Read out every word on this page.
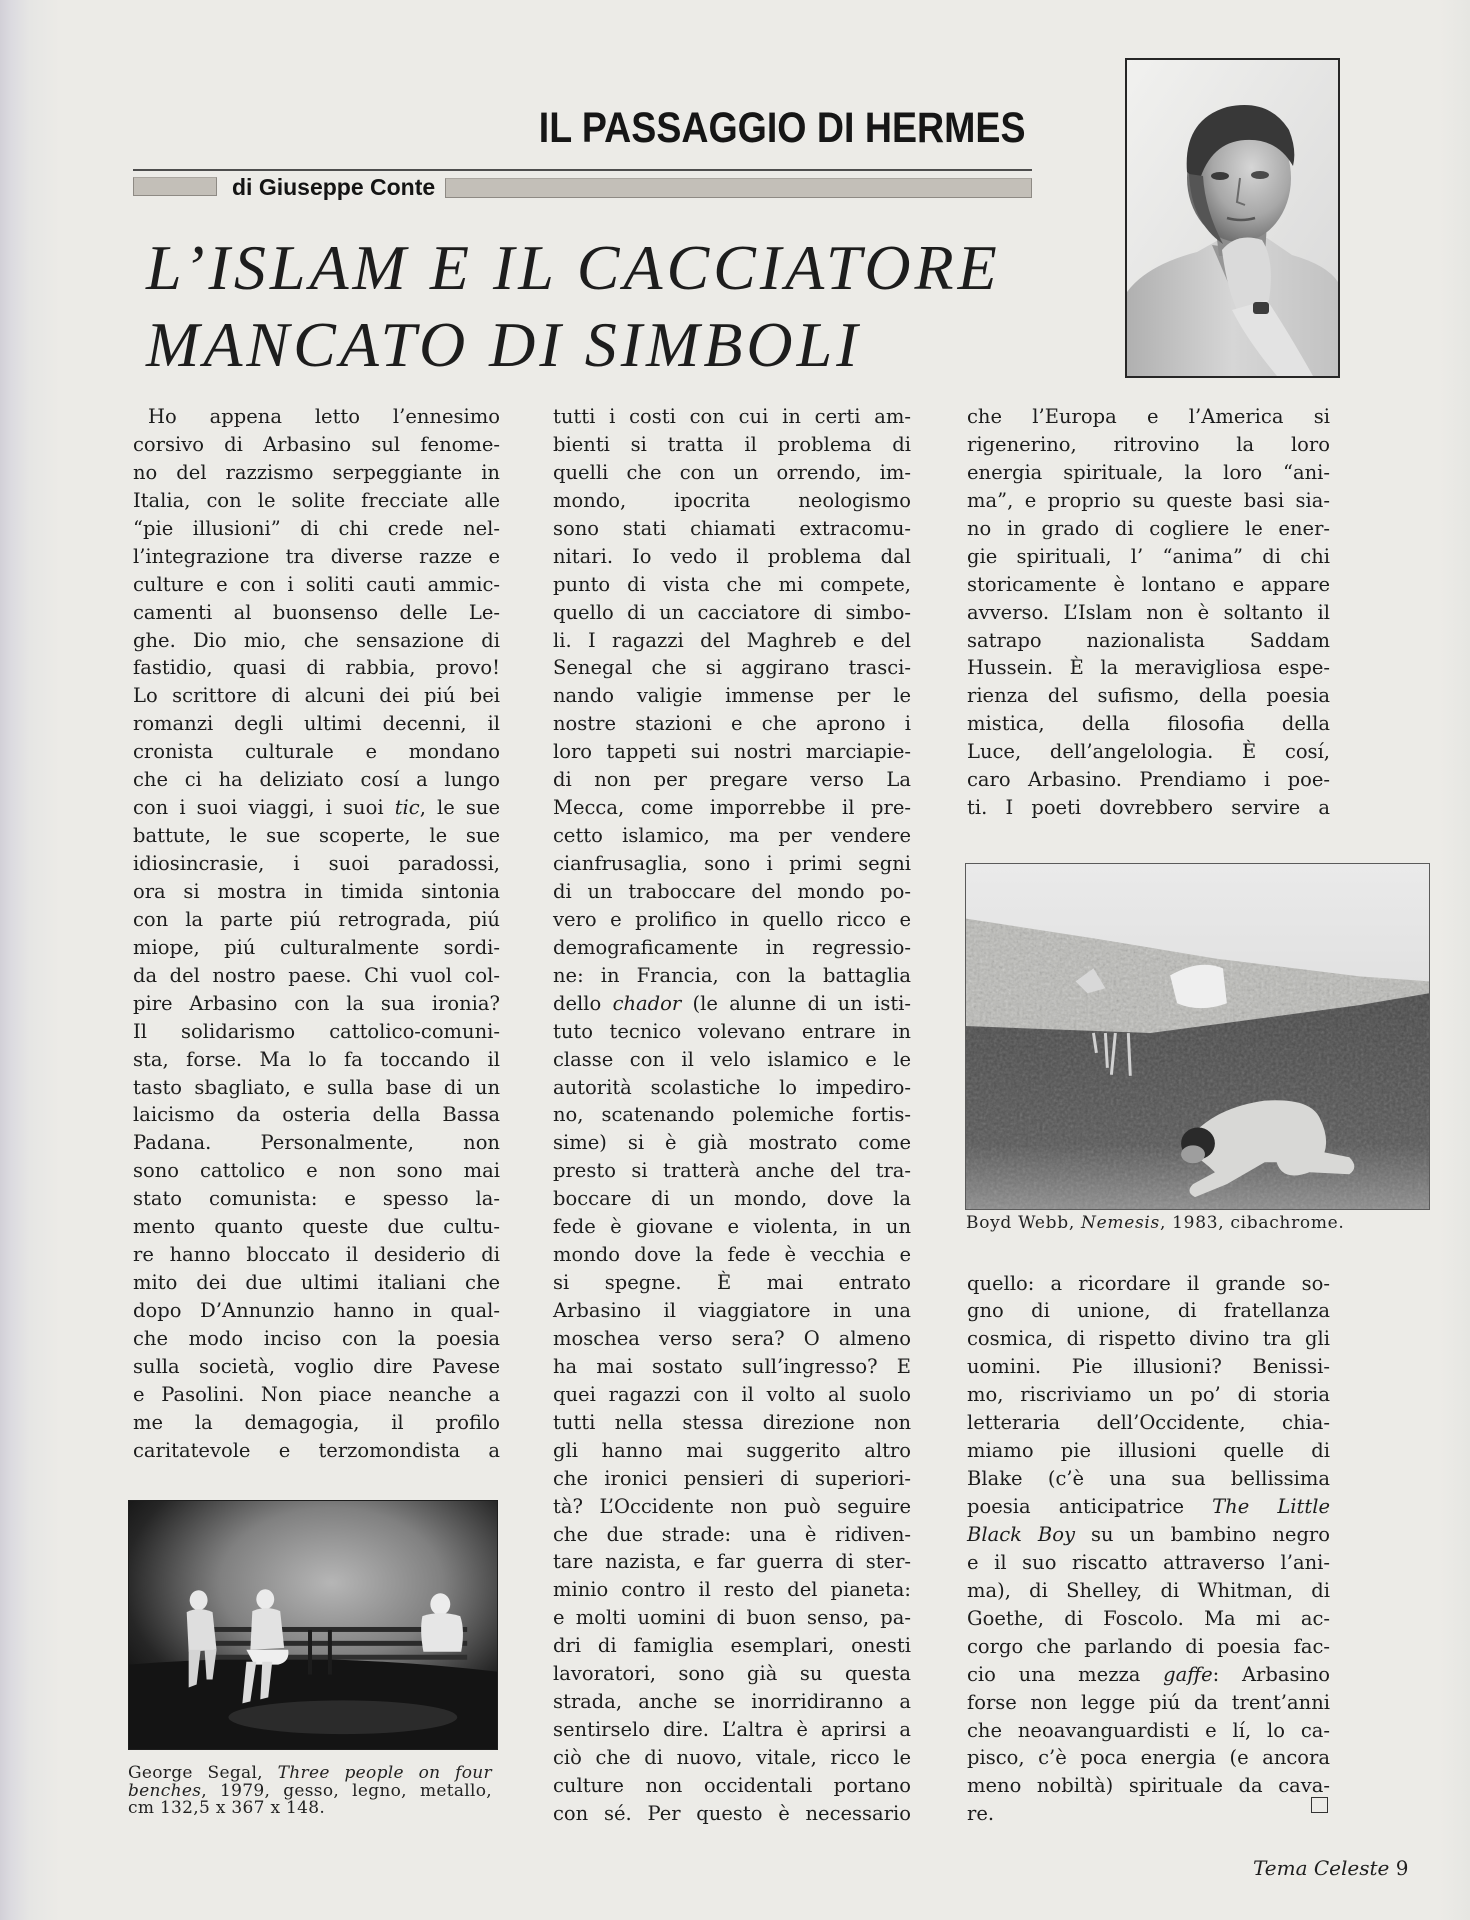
IL PASSAGGIO DI HERMES
di Giuseppe Conte
L’ISLAM E IL CACCIATORE
MANCATO DI SIMBOLI
Ho appena letto l’ennesimo
corsivo di Arbasino sul fenome-
no del razzismo serpeggiante in
Italia, con le solite frecciate alle
“pie illusioni” di chi crede nel-
l’integrazione tra diverse razze e
culture e con i soliti cauti ammic-
camenti al buonsenso delle Le-
ghe. Dio mio, che sensazione di
fastidio, quasi di rabbia, provo!
Lo scrittore di alcuni dei piú bei
romanzi degli ultimi decenni, il
cronista culturale e mondano
che ci ha deliziato cosí a lungo
con i suoi viaggi, i suoi tic, le sue
battute, le sue scoperte, le sue
idiosincrasie, i suoi paradossi,
ora si mostra in timida sintonia
con la parte piú retrograda, piú
miope, piú culturalmente sordi-
da del nostro paese. Chi vuol col-
pire Arbasino con la sua ironia?
Il solidarismo cattolico-comuni-
sta, forse. Ma lo fa toccando il
tasto sbagliato, e sulla base di un
laicismo da osteria della Bassa
Padana. Personalmente, non
sono cattolico e non sono mai
stato comunista: e spesso la-
mento quanto queste due cultu-
re hanno bloccato il desiderio di
mito dei due ultimi italiani che
dopo D’Annunzio hanno in qual-
che modo inciso con la poesia
sulla società, voglio dire Pavese
e Pasolini. Non piace neanche a
me la demagogia, il profilo
caritatevole e terzomondista a
George Segal, Three people on four
benches, 1979, gesso, legno, metallo,
cm 132,5 x 367 x 148.
tutti i costi con cui in certi am-
bienti si tratta il problema di
quelli che con un orrendo, im-
mondo, ipocrita neologismo
sono stati chiamati extracomu-
nitari. Io vedo il problema dal
punto di vista che mi compete,
quello di un cacciatore di simbo-
li. I ragazzi del Maghreb e del
Senegal che si aggirano trasci-
nando valigie immense per le
nostre stazioni e che aprono i
loro tappeti sui nostri marciapie-
di non per pregare verso La
Mecca, come imporrebbe il pre-
cetto islamico, ma per vendere
cianfrusaglia, sono i primi segni
di un traboccare del mondo po-
vero e prolifico in quello ricco e
demograficamente in regressio-
ne: in Francia, con la battaglia
dello chador (le alunne di un isti-
tuto tecnico volevano entrare in
classe con il velo islamico e le
autorità scolastiche lo impediro-
no, scatenando polemiche fortis-
sime) si è già mostrato come
presto si tratterà anche del tra-
boccare di un mondo, dove la
fede è giovane e violenta, in un
mondo dove la fede è vecchia e
si spegne. È mai entrato
Arbasino il viaggiatore in una
moschea verso sera? O almeno
ha mai sostato sull’ingresso? E
quei ragazzi con il volto al suolo
tutti nella stessa direzione non
gli hanno mai suggerito altro
che ironici pensieri di superiori-
tà? L’Occidente non può seguire
che due strade: una è ridiven-
tare nazista, e far guerra di ster-
minio contro il resto del pianeta:
e molti uomini di buon senso, pa-
dri di famiglia esemplari, onesti
lavoratori, sono già su questa
strada, anche se inorridiranno a
sentirselo dire. L’altra è aprirsi a
ciò che di nuovo, vitale, ricco le
culture non occidentali portano
con sé. Per questo è necessario
che l’Europa e l’America si
rigenerino, ritrovino la loro
energia spirituale, la loro “ani-
ma”, e proprio su queste basi sia-
no in grado di cogliere le ener-
gie spirituali, l’ “anima” di chi
storicamente è lontano e appare
avverso. L’Islam non è soltanto il
satrapo nazionalista Saddam
Hussein. È la meravigliosa espe-
rienza del sufismo, della poesia
mistica, della filosofia della
Luce, dell’angelologia. È cosí,
caro Arbasino. Prendiamo i poe-
ti. I poeti dovrebbero servire a
Boyd Webb, Nemesis, 1983, cibachrome.
quello: a ricordare il grande so-
gno di unione, di fratellanza
cosmica, di rispetto divino tra gli
uomini. Pie illusioni? Benissi-
mo, riscriviamo un po’ di storia
letteraria dell’Occidente, chia-
miamo pie illusioni quelle di
Blake (c’è una sua bellissima
poesia anticipatrice The Little
Black Boy su un bambino negro
e il suo riscatto attraverso l’ani-
ma), di Shelley, di Whitman, di
Goethe, di Foscolo. Ma mi ac-
corgo che parlando di poesia fac-
cio una mezza gaffe: Arbasino
forse non legge piú da trent’anni
che neoavanguardisti e lí, lo ca-
pisco, c’è poca energia (e ancora
meno nobiltà) spirituale da cava-
re.
Tema Celeste 9
